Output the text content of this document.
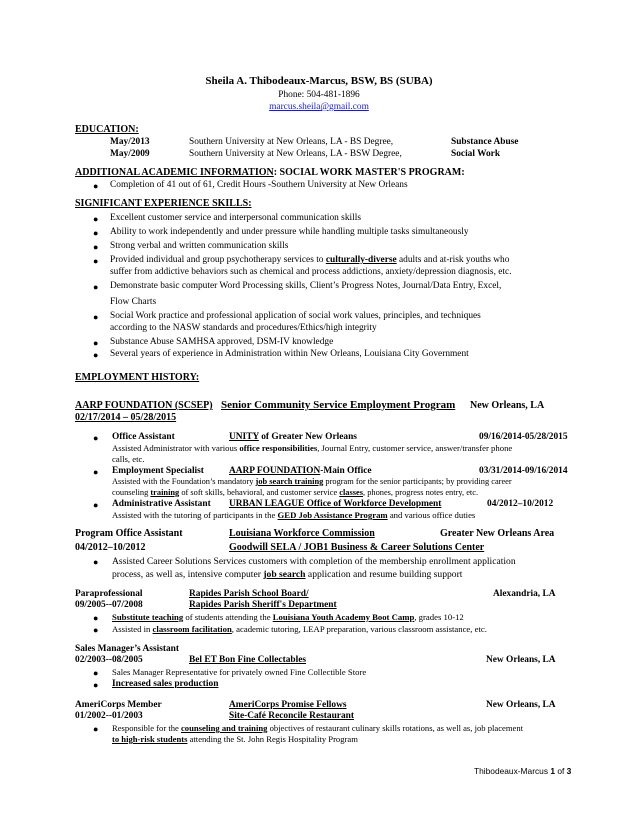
Sheila A. Thibodeaux-Marcus, BSW, BS (SUBA)
Phone: 504-481-1896
marcus.sheila@gmail.com
EDUCATION:
May/2013	Southern University at New Orleans, LA - BS Degree,	Substance Abuse
May/2009	Southern University at New Orleans, LA - BSW Degree,	Social Work
ADDITIONAL ACADEMIC INFORMATION: SOCIAL WORK MASTER'S PROGRAM:
● Completion of 41 out of 61, Credit Hours -Southern University at New Orleans
SIGNIFICANT EXPERIENCE SKILLS:
● Excellent customer service and interpersonal communication skills
● Ability to work independently and under pressure while handling multiple tasks simultaneously
● Strong verbal and written communication skills
● Provided individual and group psychotherapy services to culturally-diverse adults and at-risk youths who
suffer from addictive behaviors such as chemical and process addictions, anxiety/depression diagnosis, etc.
● Demonstrate basic computer Word Processing skills, Client’s Progress Notes, Journal/Data Entry, Excel,
Flow Charts
● Social Work practice and professional application of social work values, principles, and techniques
according to the NASW standards and procedures/Ethics/high integrity
● Substance Abuse SAMHSA approved, DSM-IV knowledge
● Several years of experience in Administration within New Orleans, Louisiana City Government
EMPLOYMENT HISTORY:
AARP FOUNDATION (SCSEP) Senior Community Service Employment Program New Orleans, LA
02/17/2014 – 05/28/2015
● Office Assistant	UNITY of Greater New Orleans	09/16/2014-05/28/2015
Assisted Administrator with various office responsibilities, Journal Entry, customer service, answer/transfer phone
calls, etc.
● Employment Specialist	AARP FOUNDATION-Main Office	03/31/2014-09/16/2014
Assisted with the Foundation’s mandatory job search training program for the senior participants; by providing career
counseling training of soft skills, behavioral, and customer service classes, phones, progress notes entry, etc.
● Administrative Assistant URBAN LEAGUE Office of Workforce Development	04/2012–10/2012
Assisted with the tutoring of participants in the GED Job Assistance Program and various office duties
Program Office Assistant	Louisiana Workforce Commission	Greater New Orleans Area
04/2012–10/2012	Goodwill SELA / JOB1 Business & Career Solutions Center
● Assisted Career Solutions Services customers with completion of the membership enrollment application
process, as well as, intensive computer job search application and resume building support
Paraprofessional	Rapides Parish School Board/	Alexandria, LA
09/2005--07/2008	Rapides Parish Sheriff's Department
● Substitute teaching of students attending the Louisiana Youth Academy Boot Camp, grades 10-12
● Assisted in classroom facilitation, academic tutoring, LEAP preparation, various classroom assistance, etc.
Sales Manager’s Assistant
02/2003--08/2005	Bel ET Bon Fine Collectables	New Orleans, LA
● Sales Manager Representative for privately owned Fine Collectible Store
● Increased sales production
AmeriCorps Member	AmeriCorps Promise Fellows	New Orleans, LA
01/2002--01/2003	Site-Café Reconcile Restaurant
● Responsible for the counseling and training objectives of restaurant culinary skills rotations, as well as, job placement
to high-risk students attending the St. John Regis Hospitality Program
Thibodeaux-Marcus 1 of 3
